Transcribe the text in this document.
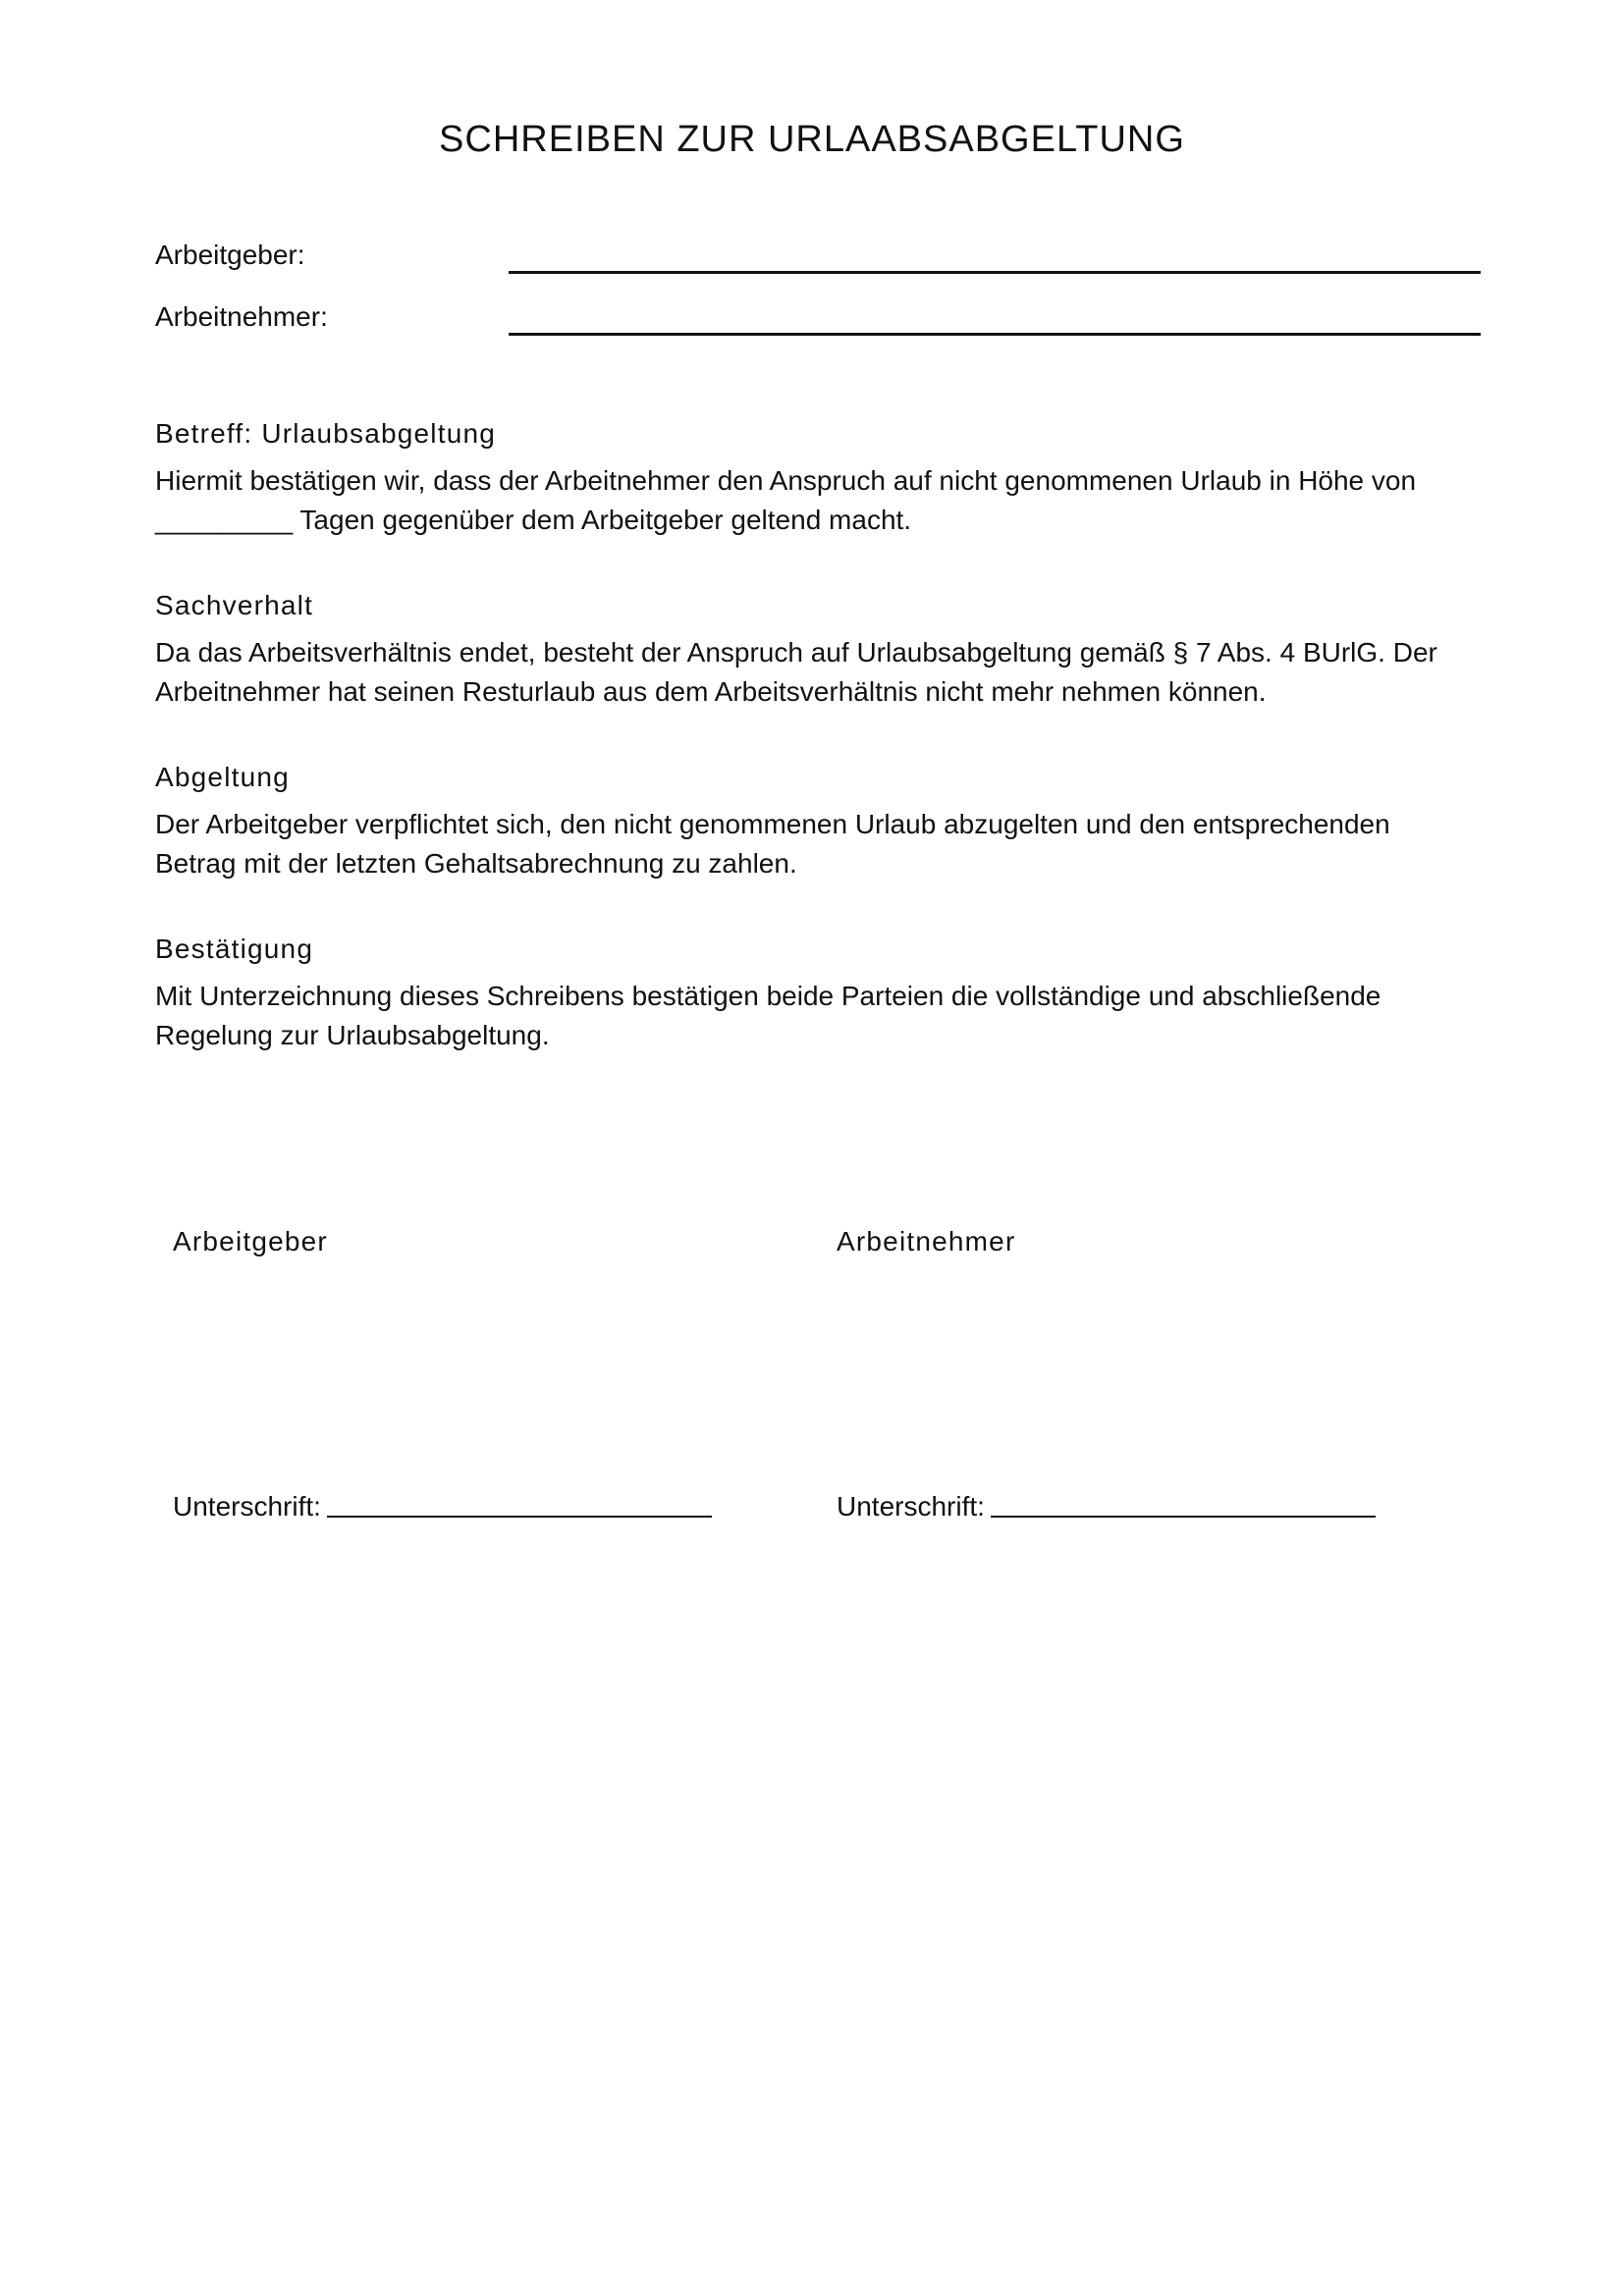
SCHREIBEN ZUR URLAABSABGELTUNG
Arbeitgeber:
Arbeitnehmer:
Betreff: Urlaubsabgeltung

Hiermit bestätigen wir, dass der Arbeitnehmer den Anspruch auf nicht genommenen Urlaub in Höhe von _________ Tagen gegenüber dem Arbeitgeber geltend macht.

Sachverhalt

Da das Arbeitsverhältnis endet, besteht der Anspruch auf Urlaubsabgeltung gemäß § 7 Abs. 4 BUrlG. Der Arbeitnehmer hat seinen Resturlaub aus dem Arbeitsverhältnis nicht mehr nehmen können.

Abgeltung

Der Arbeitgeber verpflichtet sich, den nicht genommenen Urlaub abzugelten und den entsprechenden Betrag mit der letzten Gehaltsabrechnung zu zahlen.

Bestätigung

Mit Unterzeichnung dieses Schreibens bestätigen beide Parteien die vollständige und abschließende Regelung zur Urlaubsabgeltung.

Arbeitgeber
Unterschrift:
Arbeitnehmer
Unterschrift:
